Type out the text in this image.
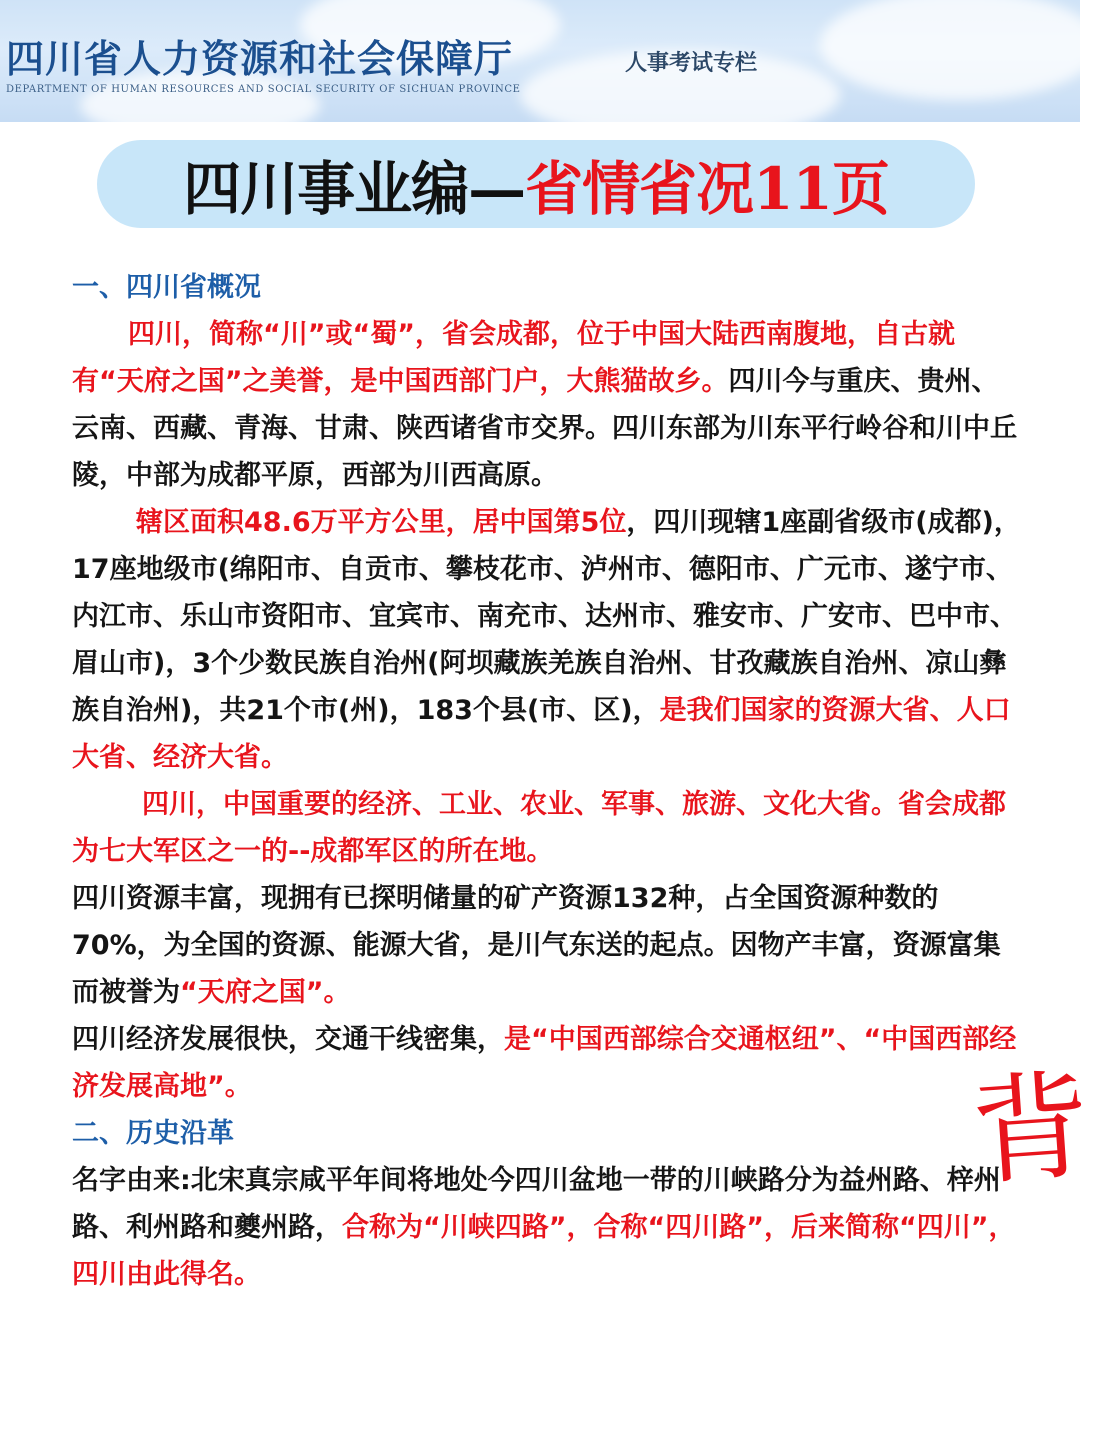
四川省人力资源和社会保障厅
DEPARTMENT OF HUMAN RESOURCES AND SOCIAL SECURITY OF SICHUAN PROVINCE
人事考试专栏
四川事业编— 省情省况11页

一、四川省概况

四川，简称“川”或“蜀”，省会成都，位于中国大陆西南腹地，自古就有“天府之国”之美誉，是中国西部门户，大熊猫故乡。四川今与重庆、贵州、云南、西藏、青海、甘肃、陕西诸省市交界。四川东部为川东平行岭谷和川中丘陵，中部为成都平原，西部为川西高原。

辖区面积48.6万平方公里，居中国第5位，四川现辖1座副省级市(成都)，17座地级市(绵阳市、自贡市、攀枝花市、泸州市、德阳市、广元市、遂宁市、内江市、乐山市资阳市、宜宾市、南充市、达州市、雅安市、广安市、巴中市、眉山市)，3个少数民族自治州(阿坝藏族羌族自治州、甘孜藏族自治州、凉山彝族自治州)，共21个市(州)，183个县(市、区)，是我们国家的资源大省、人口大省、经济大省。

四川，中国重要的经济、工业、农业、军事、旅游、文化大省。省会成都为七大军区之一的--成都军区的所在地。

四川资源丰富，现拥有已探明储量的矿产资源132种，占全国资源种数的70%，为全国的资源、能源大省，是川气东送的起点。因物产丰富，资源富集而被誉为“天府之国”。

四川经济发展很快，交通干线密集，是“中国西部综合交通枢纽”、“中国西部经济发展高地”。

二、历史沿革

名字由来:北宋真宗咸平年间将地处今四川盆地一带的川峡路分为益州路、梓州路、利州路和夔州路，合称为“川峡四路”，合称“四川路”，后来简称“四川”，四川由此得名。

背
